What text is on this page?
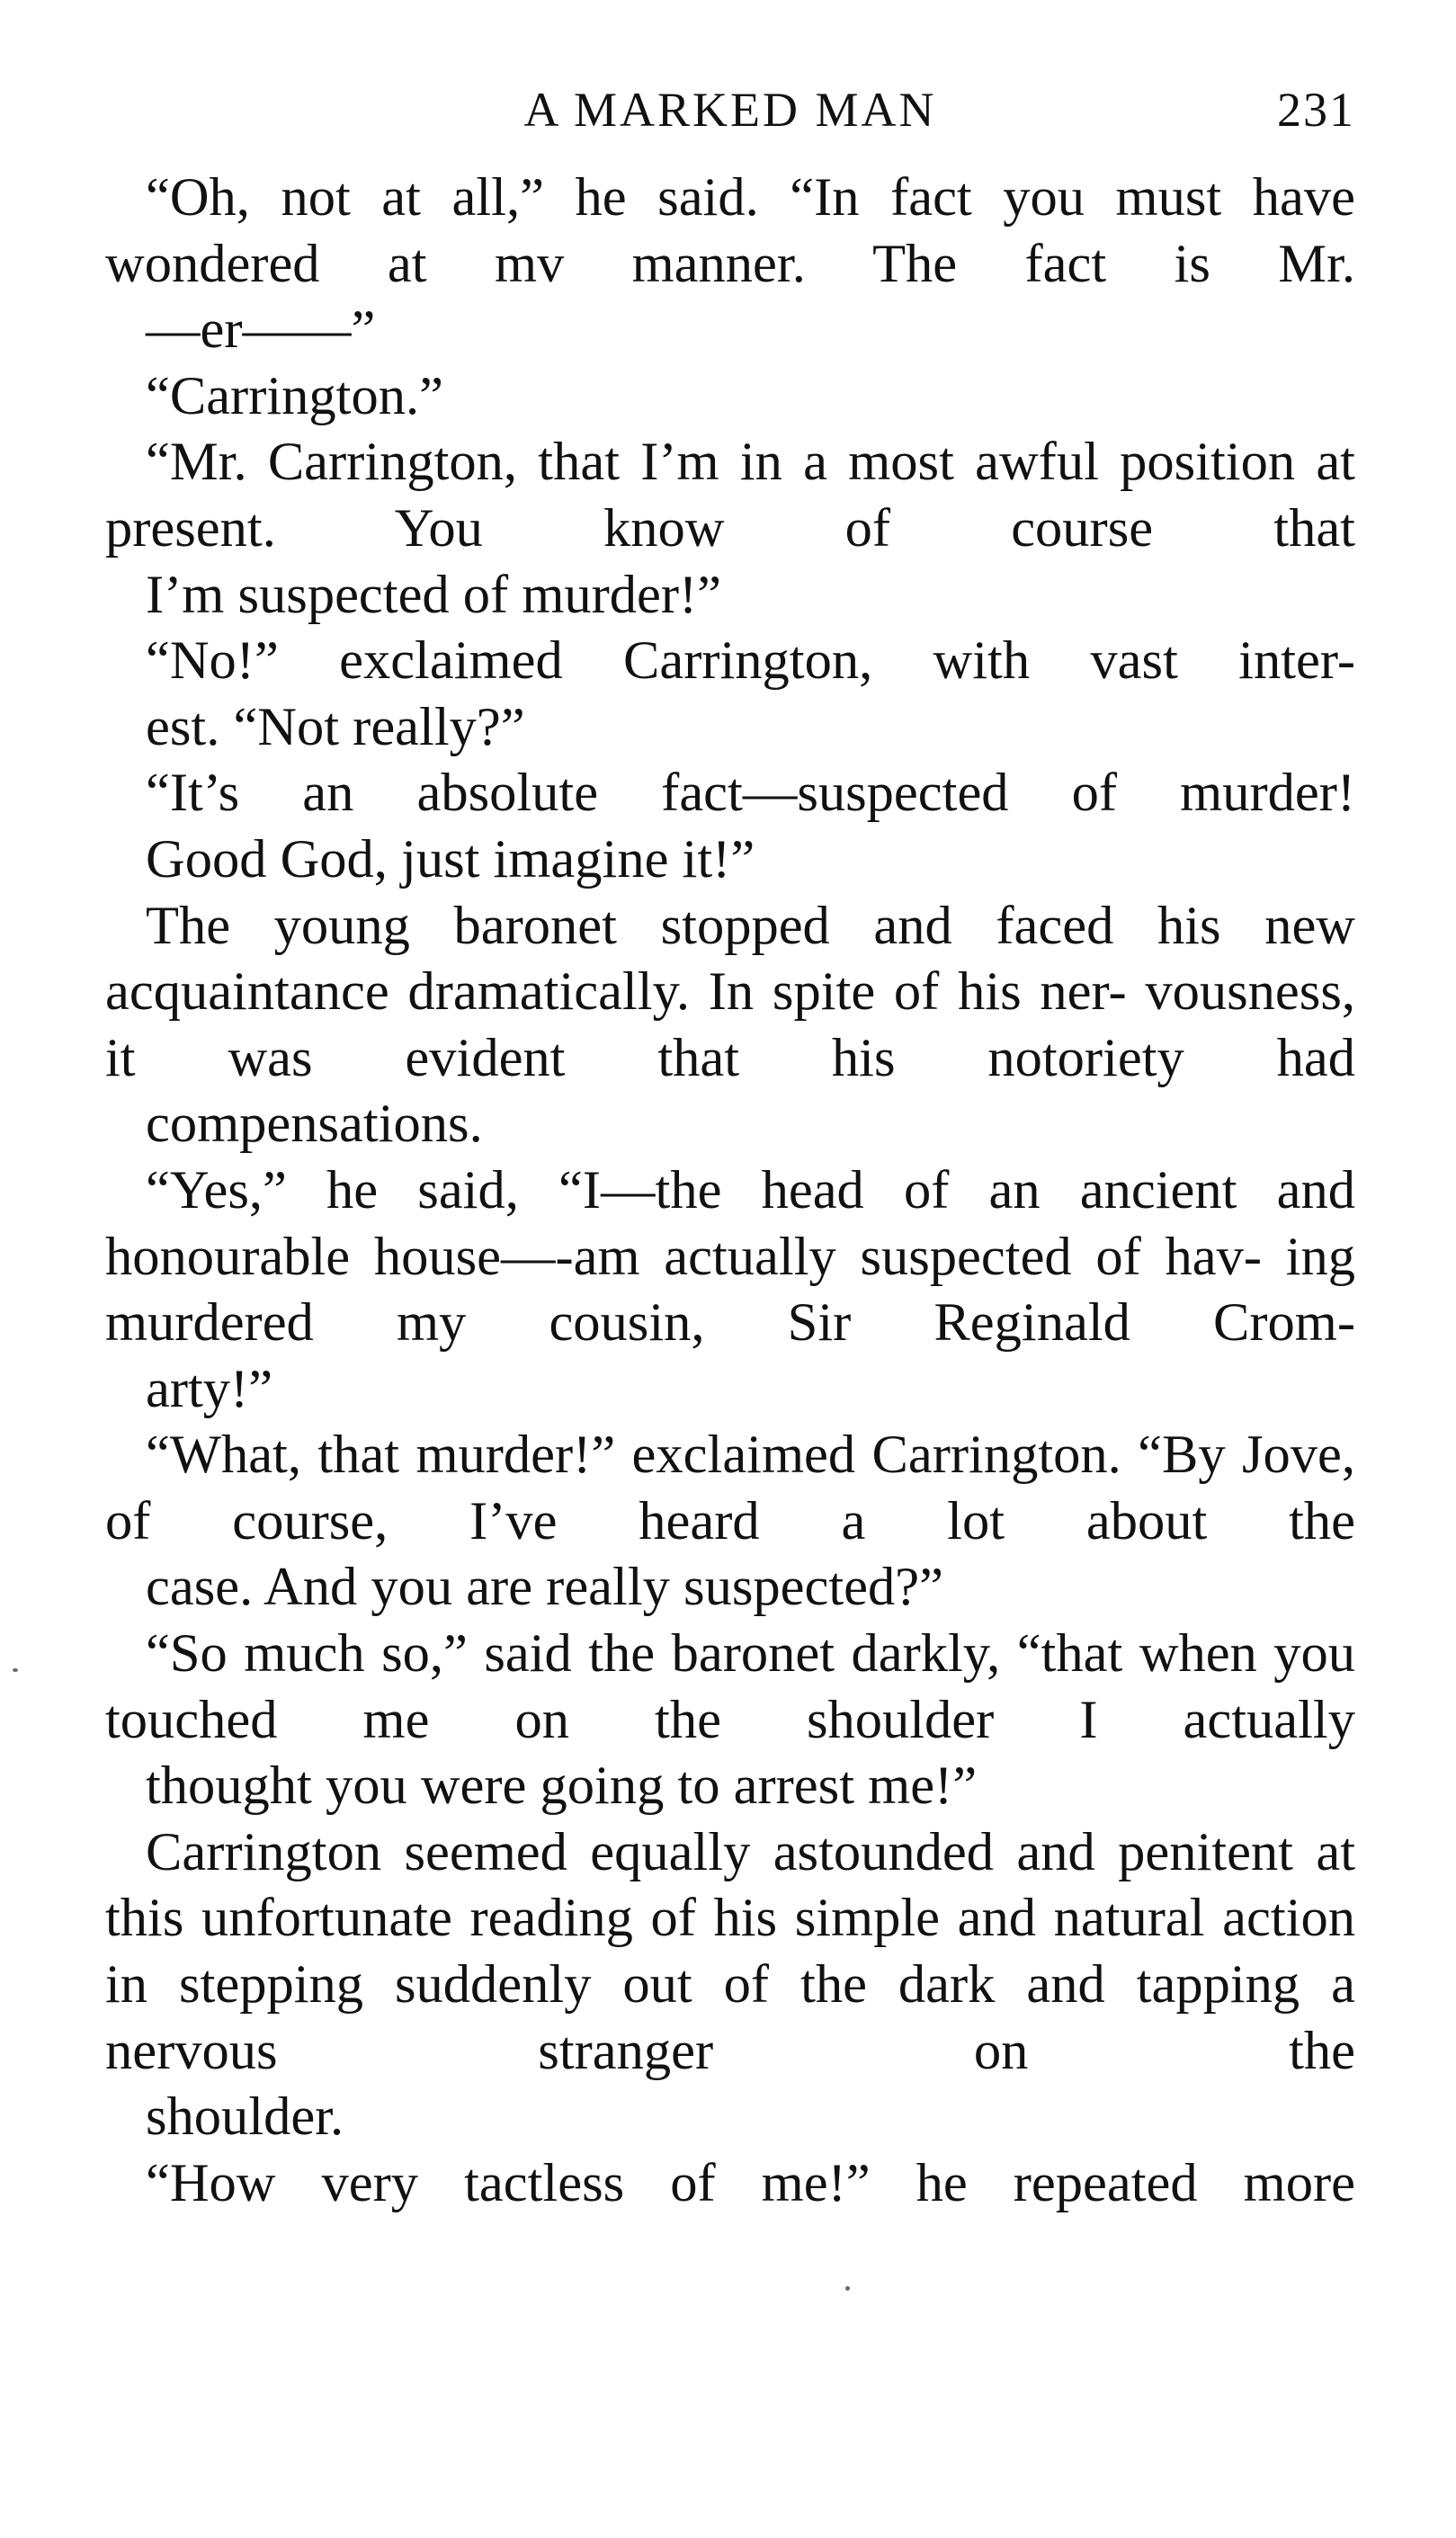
A MARKED MAN	231

“Oh, not at all,” he said. “In fact you must have wondered at mv manner. The fact is Mr.
—er——”

“Carrington.”

“Mr. Carrington, that I’m in a most awful position at present. You know of course that
I’m suspected of murder!”

“No!” exclaimed Carrington, with vast inter-
est. “Not really?”

“It’s an absolute fact—suspected of murder!
Good God, just imagine it!”

The young baronet stopped and faced his new acquaintance dramatically. In spite of his ner- vousness, it was evident that his notoriety had
compensations.

“Yes,” he said, “I—the head of an ancient and honourable house—-am actually suspected of hav- ing murdered my cousin, Sir Reginald Crom-
arty!”

“What, that murder!” exclaimed Carrington. “By Jove, of course, I’ve heard a lot about the
case. And you are really suspected?”

“So much so,” said the baronet darkly, “that when you touched me on the shoulder I actually
thought you were going to arrest me!”

Carrington seemed equally astounded and penitent at this unfortunate reading of his simple and natural action in stepping suddenly out of the dark and tapping a nervous stranger on the
shoulder.

“How very tactless of me!” he repeated more
